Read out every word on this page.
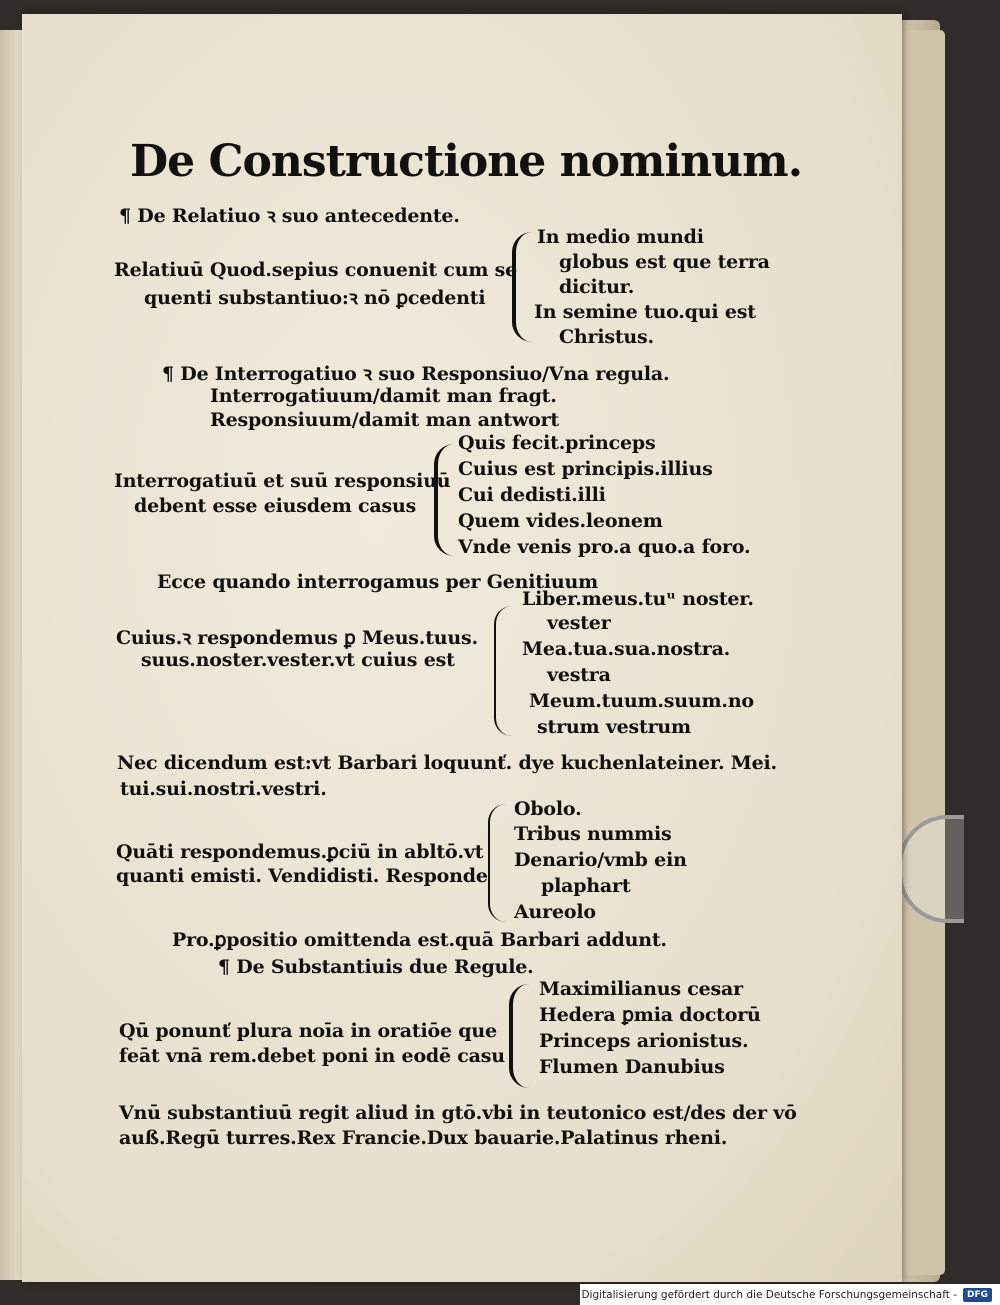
De Constructione nominum.
¶ De Relatiuo ꝛ suo antecedente.
Relatiuū Quod.sepius conuenit cum se
quenti substantiuo:ꝛ nō ꝑcedenti
In medio mundi
globus est que terra
dicitur.
In semine tuo.qui est
Christus.
¶ De Interrogatiuo ꝛ suo Responsiuo/Vna regula.
Interrogatiuum/damit man fragt.
Responsiuum/damit man antwort
Interrogatiuū et suū responsiuū
debent esse eiusdem casus
Quis fecit.princeps
Cuius est principis.illius
Cui dedisti.illi
Quem vides.leonem
Vnde venis pro.a quo.a foro.
Ecce quando interrogamus per Genitiuum
Cuius.ꝛ respondemus ꝑ Meus.tuus.
suus.noster.vester.vt cuius est
Liber.meus.tuᵘ noster.
vester
Mea.tua.sua.nostra.
vestra
Meum.tuum.suum.no
strum vestrum
Nec dicendum est:vt Barbari loquunť. dye kuchenlateiner. Mei.
tui.sui.nostri.vestri.
Quāti respondemus.ꝑciū in abltō.vt
quanti emisti. Vendidisti. Responde
Obolo.
Tribus nummis
Denario/vmb ein
plaphart
Aureolo
Pro.ꝑpositio omittenda est.quā Barbari addunt.
¶ De Substantiuis due Regule.
Qū ponunť plura noīa in oratiōe que
feāt vnā rem.debet poni in eodē casu
Maximilianus cesar
Hedera ꝑmia doctorū
Princeps arionistus.
Flumen Danubius
Vnū substantiuū regit aliud in gtō.vbi in teutonico est/des der vō
auß.Regū turres.Rex Francie.Dux bauarie.Palatinus rheni.
Digitalisierung gefördert durch die Deutsche Forschungsgemeinschaft -	DFG
